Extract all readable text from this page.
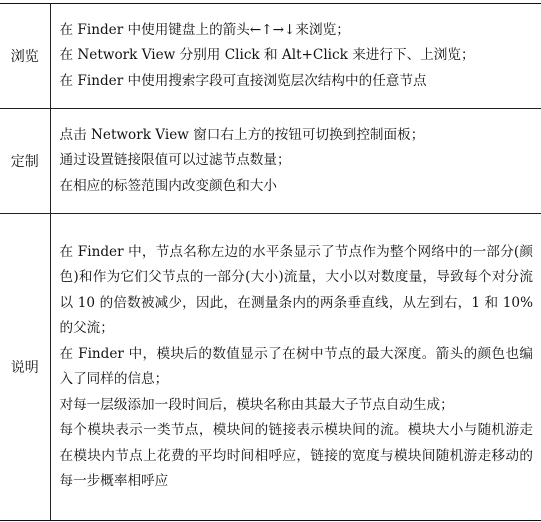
浏览	在 Finder 中使用键盘上的箭头←↑→↓来浏览；
在 Network View 分别用 Click 和 Alt+Click 来进行下、上浏览；
在 Finder 中使用搜索字段可直接浏览层次结构中的任意节点

定制	点击 Network View 窗口右上方的按钮可切换到控制面板；
通过设置链接限值可以过滤节点数量；
在相应的标签范围内改变颜色和大小

说明	在 Finder 中，节点名称左边的水平条显示了节点作为整个网络中的一部分(颜色)和作为它们父节点的一部分(大小)流量，大小以对数度量，导致每个对分流以 10 的倍数被减少，因此，在测量条内的两条垂直线，从左到右，1 和 10%的父流；
在 Finder 中，模块后的数值显示了在树中节点的最大深度。箭头的颜色也编入了同样的信息；
对每一层级添加一段时间后，模块名称由其最大子节点自动生成；
每个模块表示一类节点，模块间的链接表示模块间的流。模块大小与随机游走在模块内节点上花费的平均时间相呼应，链接的宽度与模块间随机游走移动的每一步概率相呼应
